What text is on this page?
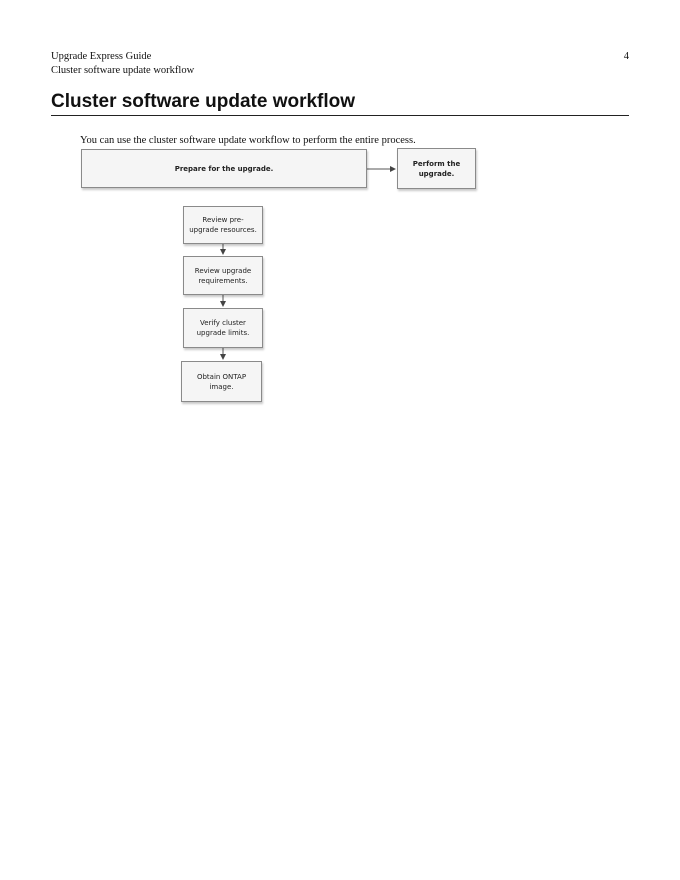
Upgrade Express Guide
Cluster software update workflow
4
Cluster software update workflow

You can use the cluster software update workflow to perform the entire process.

Prepare for the upgrade.
Perform the upgrade.
Review pre-upgrade resources.
Review upgrade requirements.
Verify cluster upgrade limits.
Obtain ONTAP image.
